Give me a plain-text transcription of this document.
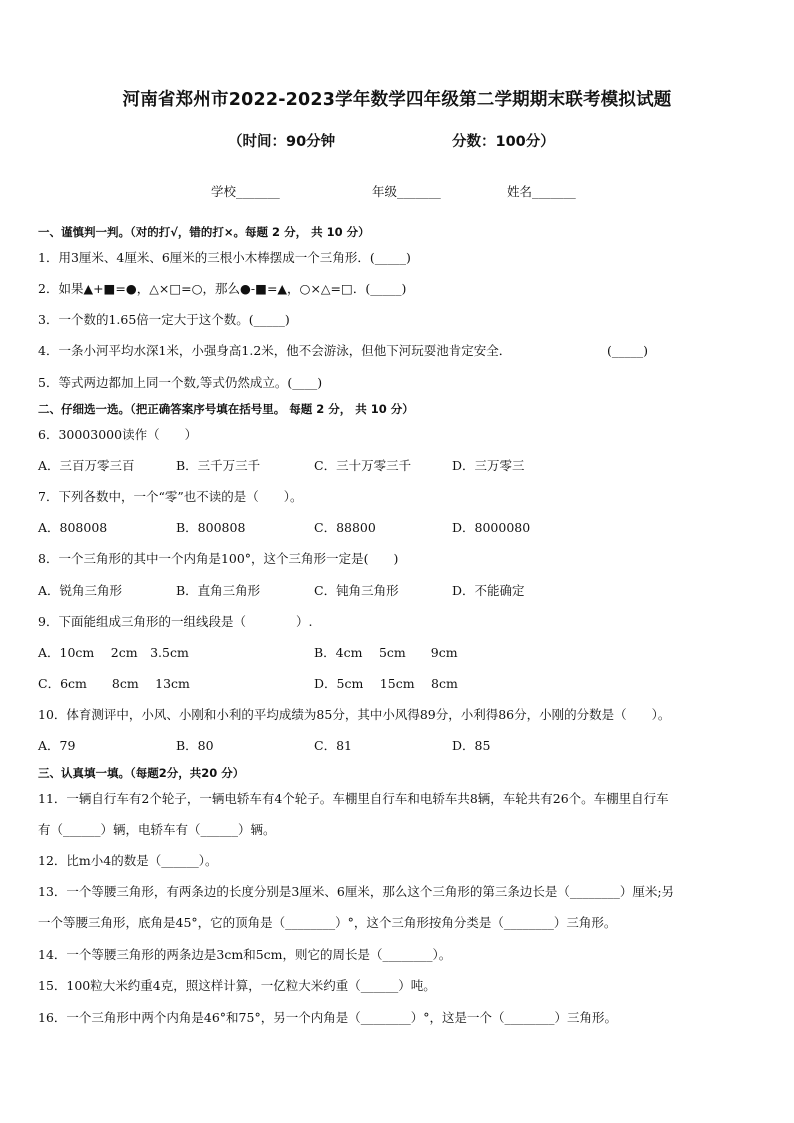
河南省郑州市2022-2023学年数学四年级第二学期期末联考模拟试题
（时间：90分钟	分数：100分）
学校_______	年级_______	姓名_______
一、谨慎判一判。（对的打√，错的打×。每题 2 分， 共 10 分）
1．用3厘米、4厘米、6厘米的三根小木棒摆成一个三角形．(_____)
2．如果▲+■=●，△×□=○，那么●-■=▲，○×△=□．(_____)
3．一个数的1.65倍一定大于这个数。(_____)
4．一条小河平均水深1米，小强身高1.2米，他不会游泳，但他下河玩耍池肯定安全．	(_____)
5．等式两边都加上同一个数,等式仍然成立。(____)
二、仔细选一选。（把正确答案序号填在括号里。 每题 2 分， 共 10 分）
6．30003000读作（　　）
A．三百万零三百	B．三千万三千	C．三十万零三千	D．三万零三
7．下列各数中，一个“零”也不读的是（　　）。
A．808008	B．800808	C．88800	D．8000080
8．一个三角形的其中一个内角是100°，这个三角形一定是(　　)
A．锐角三角形	B．直角三角形	C．钝角三角形	D．不能确定
9．下面能组成三角形的一组线段是（　　　　）.
A．10cm　 2cm　3.5cm	B．4cm　 5cm　　9cm
C．6cm　　8cm　 13cm	D．5cm　 15cm　 8cm
10．体育测评中，小风、小刚和小利的平均成绩为85分，其中小风得89分，小利得86分，小刚的分数是（　　）。
A．79	B．80	C．81	D．85
三、认真填一填。（每题2分，共20 分）
11．一辆自行车有2个轮子，一辆电轿车有4个轮子。车棚里自行车和电轿车共8辆，车轮共有26个。车棚里自行车
有（______）辆，电轿车有（______）辆。
12．比m小4的数是（______）。
13．一个等腰三角形，有两条边的长度分别是3厘米、6厘米，那么这个三角形的第三条边长是（________）厘米;另
一个等腰三角形，底角是45°，它的顶角是（________）°，这个三角形按角分类是（________）三角形。
14．一个等腰三角形的两条边是3cm和5cm，则它的周长是（________）。
15．100粒大米约重4克，照这样计算，一亿粒大米约重（______）吨。
16．一个三角形中两个内角是46°和75°，另一个内角是（________）°，这是一个（________）三角形。
